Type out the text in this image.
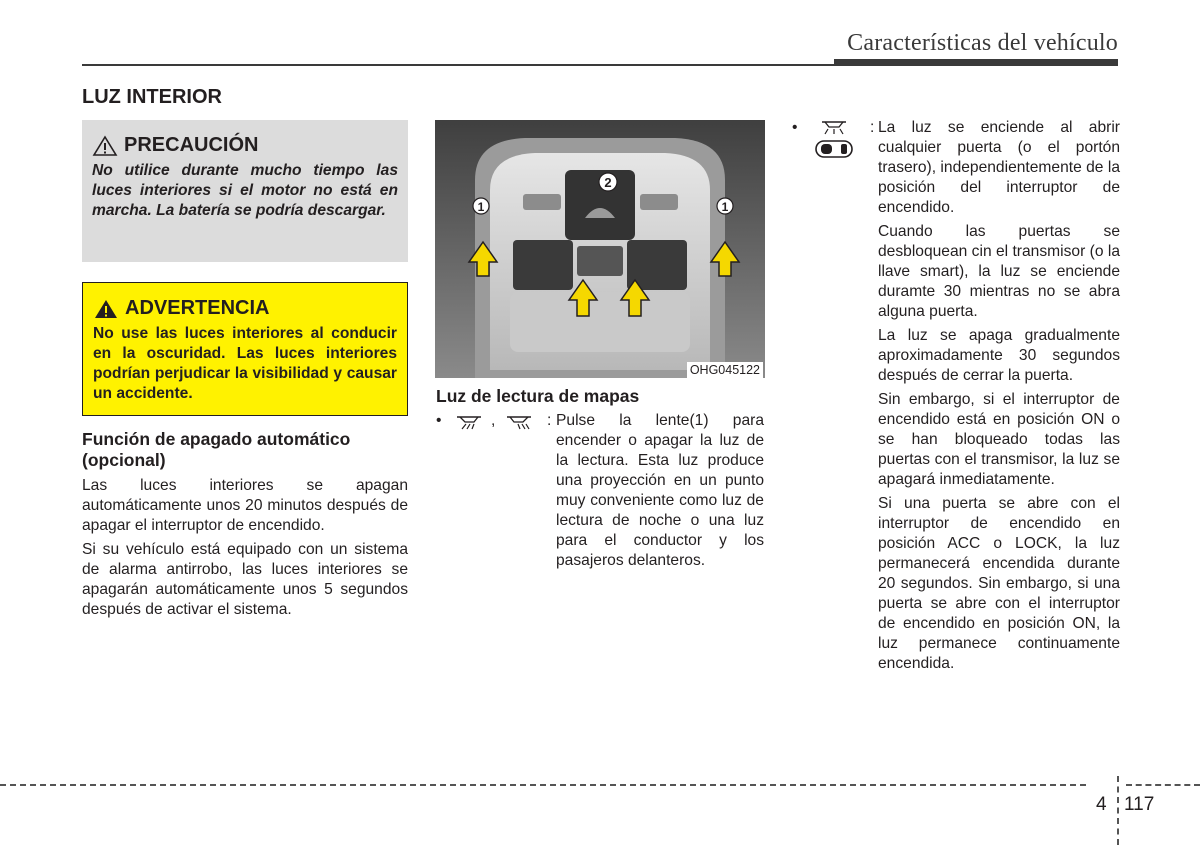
Características del vehículo
LUZ INTERIOR
PRECAUCIÓN
No utilice durante mucho tiempo las luces interiores si el motor no está en marcha. La batería se podría descargar.
ADVERTENCIA
No use las luces interiores al conducir en la oscuridad. Las luces interiores podrían perjudicar la visibilidad y causar un accidente.
Función de apagado automático
(opcional)

Las luces interiores se apagan automáticamente unos 20 minutos después de apagar el interruptor de encendido.

Si su vehículo está equipado con un sistema de alarma antirrobo, las luces interiores se apagarán automáticamente unos 5 segundos después de activar el sistema.

2
1	1
OHG045122
Luz de lectura de mapas
•	,	: Pulse la lente(1) para encender o apagar la luz de la lectura. Esta luz produce una proyección en un punto muy conveniente como luz de lectura de noche o una luz para el conductor y los pasajeros delanteros.

•	: La luz se enciende al abrir cualquier puerta (o el portón trasero), independientemente de la posición del interruptor de encendido.

Cuando las puertas se desbloquean cin el transmisor (o la llave smart), la luz se enciende duramte 30 mientras no se abra alguna puerta.

La luz se apaga gradualmente aproximadamente 30 segundos después de cerrar la puerta.

Sin embargo, si el interruptor de encendido está en posición ON o se han bloqueado todas las puertas con el transmisor, la luz se apagará inmediatamente.

Si una puerta se abre con el interruptor de encendido en posición ACC o LOCK, la luz permanecerá encendida durante 20 segundos. Sin embargo, si una puerta se abre con el interruptor de encendido en posición ON, la luz permanece continuamente encendida.

4 117
